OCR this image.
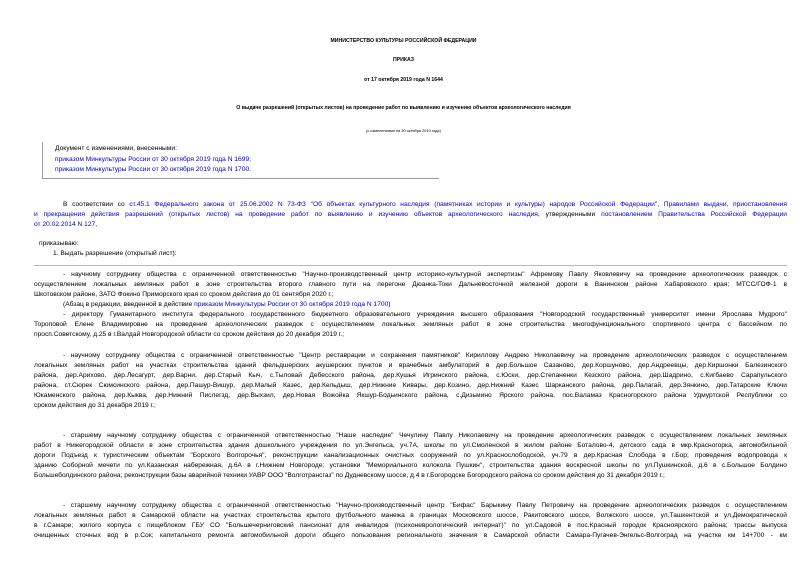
МИНИСТЕРСТВО КУЛЬТУРЫ РОССИЙСКОЙ ФЕДЕРАЦИИ
ПРИКАЗ
от 17 октября 2019 года N 1644
О выдаче разрешений (открытых листов) на проведение работ по выявлению и изучению объектов археологического наследия
(с изменениями на 30 октября 2019 года)
Документ с изменениями, внесенными:
приказом Минкультуры России от 30 октября 2019 года N 1699;
приказом Минкультуры России от 30 октября 2019 года N 1700.
В соответствии со ст.45.1 Федерального закона от 25.06.2002 N 73-ФЗ "Об объектах культурного наследия (памятниках истории и культуры) народов Российской Федерации", Правилами выдачи, приостановления
и прекращения действия разрешений (открытых листов) на проведение работ по выявлению и изучению объектов археологического наследия, утвержденными постановлением Правительства Российской Федерации
от 20.02.2014 N 127,
приказываю:
1. Выдать разрешение (открытый лист):
- научному сотруднику общества с ограниченной ответственностью "Научно-производственный центр историко-культурной экспертизы" Афремову Павлу Яковлевичу на проведение археологических разведок с
осуществлением локальных земляных работ в зоне строительства второго главного пути на перегоне Дюанка-Токи Дальневосточной железной дороги в Ванинском районе Хабаровского края; МТСС/ГОФ-1 в
Шкотовском районе, ЗАТО Фокино Приморского края со сроком действия до 01 сентября 2020 г.;
(Абзац в редакции, введенной в действие приказом Минкультуры России от 30 октября 2019 года N 1700)
- директору Гуманитарного института федерального государственного бюджетного образовательного учреждения высшего образования "Новгородский государственный университет имени Ярослава Мудрого"
Тороповой Елене Владимировне на проведение археологических разведок с осуществлением локальных земляных работ в зоне строительства многофункционального спортивного центра с бассейном по
просп.Советскому, д.25 в г.Валдай Новгородской области со сроком действия до 20 декабря 2019 г.;
- научному сотруднику общества с ограниченной ответственностью "Центр реставрации и сохранения памятников" Кириллову Андрею Николаевичу на проведение археологических разведок с осуществлением
локальных земляных работ на участках строительства зданий фельдшерских акушерских пунктов и врачебных амбулаторий в дер.Большое Сазаново, дер.Коршуново, дер.Андреевцы, дер.Киршонки Балезинского
района, дер.Арихово, дер.Лесагурт, дер.Варни, дер.Старый Кыч, с.Тыловай Дебесского района, дер.Кушья Игринского района, с.Юски, дер.Степаненки Кезского района, дер.Шадрино, с.Кигбаево Сарапульского
района, ст.Сюрек Сюмсинского района, дер.Пашур-Вишур, дер.Малый Казес, дер.Кельдыш, дер.Нижние Кивары, дер.Козино, дер.Нижний Казес Шарканского района, дер.Палагай, дер.Зянкино, дер.Татарские Ключи
Юкаменского района, дер.Кыква, дер.Нижний Пислегзд, дер.Выхзил, дер.Новая Вожойка Якшур-Бодьинского района, с.Дизьмино Ярского района, пос.Валамаз Красногорского района Удмуртской Республики со
сроком действия до 31 декабря 2019 г.;
- старшему научному сотруднику общества с ограниченной ответственностью "Наше наследие" Чечулину Павлу Николаевичу на проведение археологических разведок с осуществлением локальных земляных
работ в Нижегородской области в зоне строительства здания дошкольного учреждения по ул.Энгельса, уч.7А, школы по ул.Смоленской в жилом районе Боталово-4, детского сада в мкр.Красногорка, автомобильной
дороги Подъезд к туристическим объектам "Борского Волгорочья", реконструкции канализационных очистных сооружений по ул.Краснослободской, уч.79 в дер.Красная Слобода в г.Бор; проведения водопровода к
зданию Соборной мечети по ул.Казанская набережная, д.6А в г.Нижнем Новгороде; установки "Мемориального колокола Пушкин", строительства здания воскресной школы по ул.Пушкинской, д.6 в с.Большое Болдино
Большеболдинского района; реконструкции базы аварийной техники УАВР ООО "Волготрансгаз" по Дудневскому шоссе, д.4 в г.Богородске Богородского района со сроком действия до 31 декабря 2019 г.;
- старшему научному сотруднику общества с ограниченной ответственностью "Научно-производственный центр "Бифас" Барыкину Павлу Петровичу на проведение археологических разведок с осуществлением
локальных земляных работ в Самарской области на участках строительства крытого футбольного манежа в границах Московского шоссе, Ракитовского шоссе, Волжского шоссе, ул.Ташкентской и ул.Демократической
в г.Самаре; жилого корпуса с пищеблоком ГБУ СО "Большечерниговский пансионат для инвалидов (психоневрологический интернат)" по ул.Садовой в пос.Красный городок Красноярского района; трассы выпуска
очищенных сточных вод в р.Сок; капитального ремонта автомобильной дороги общего пользования регионального значения в Самарской области Самара-Пугачев-Энгельс-Волгоград на участке км 14+700 - км
